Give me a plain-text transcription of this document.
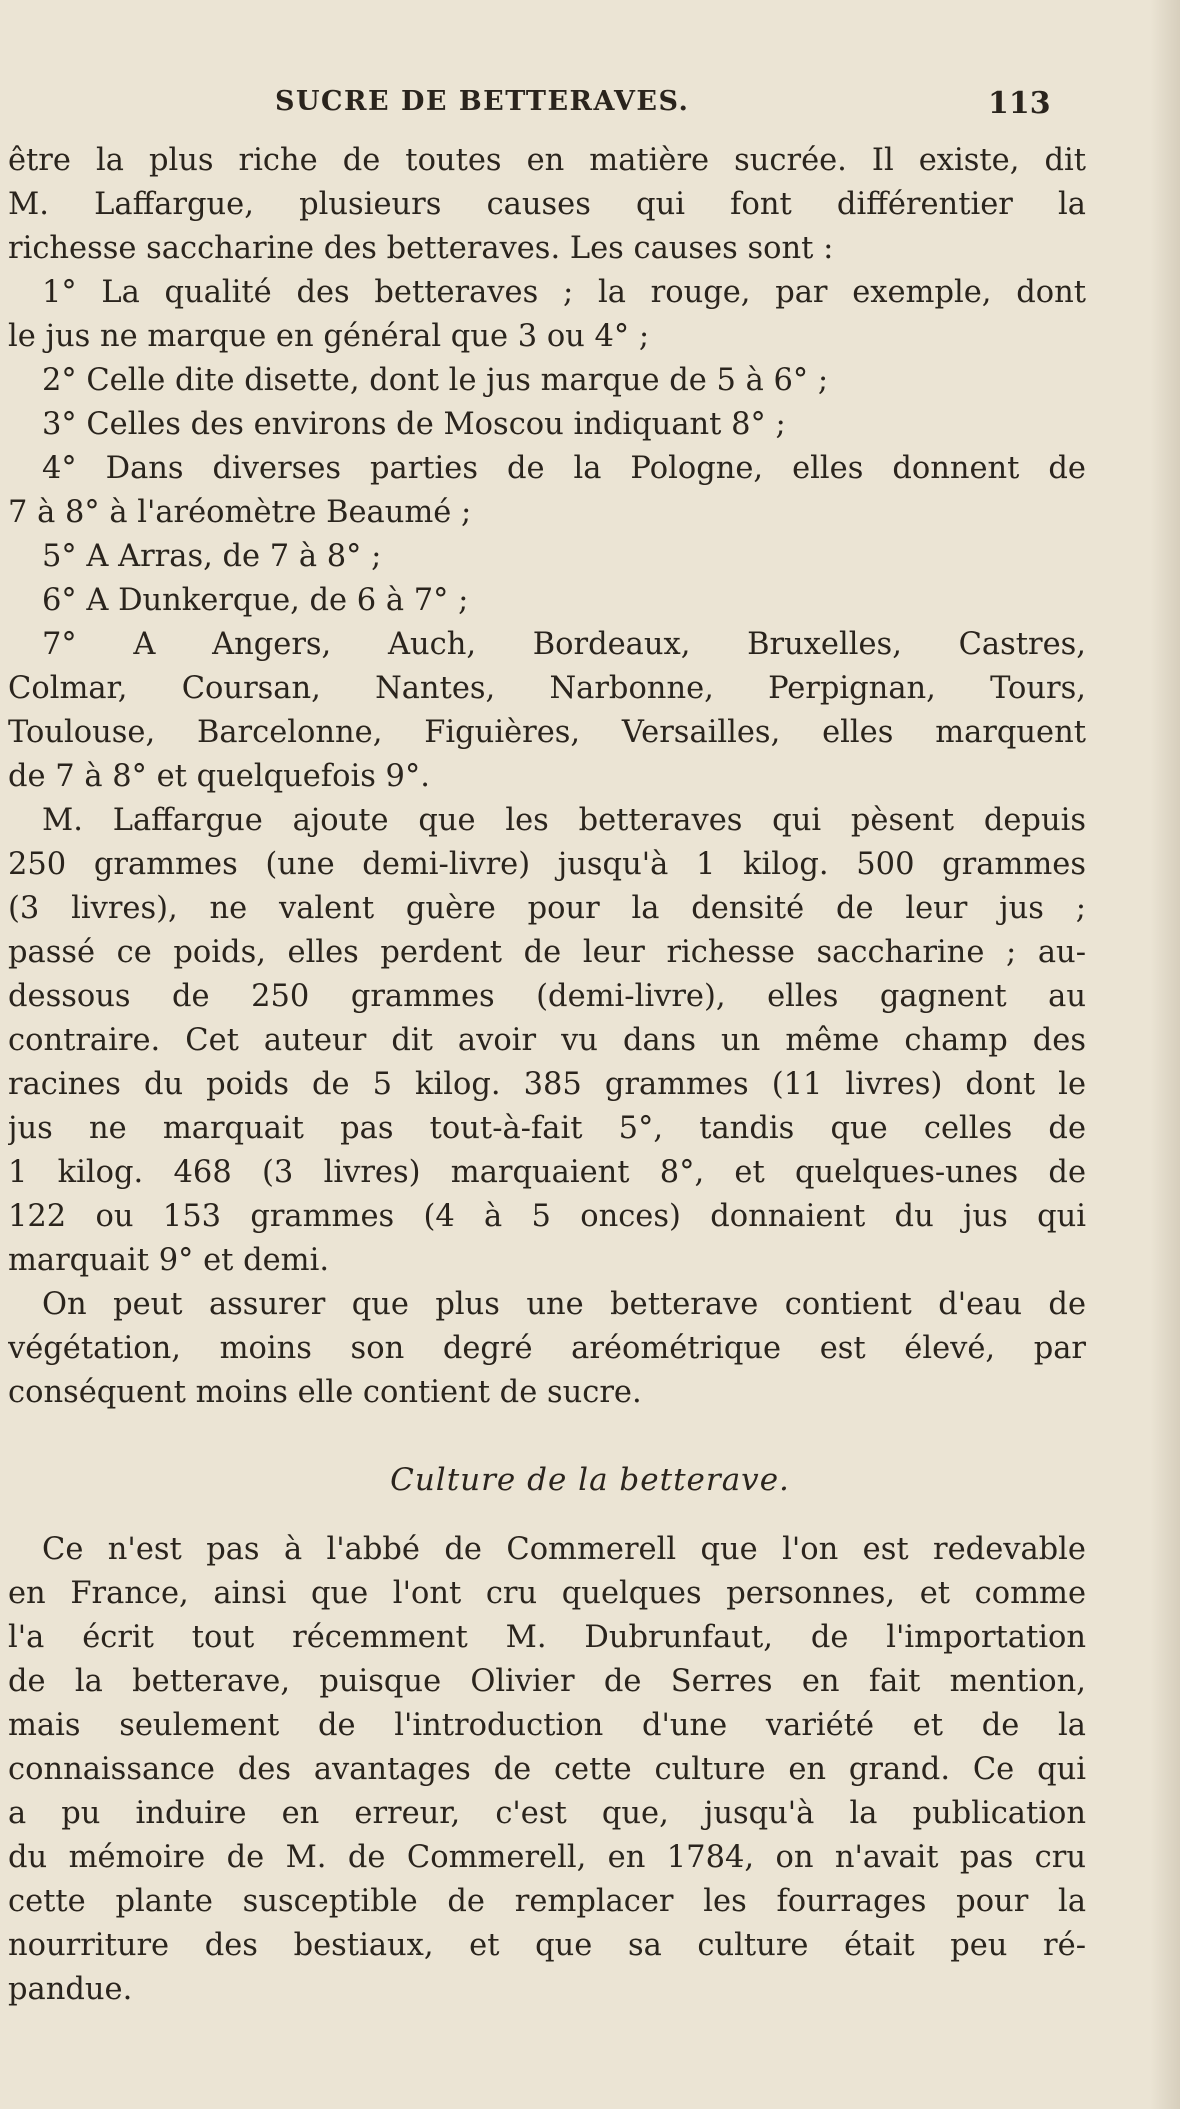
SUCRE DE BETTERAVES.	113
être la plus riche de toutes en matière sucrée. Il existe, dit
M. Laffargue, plusieurs causes qui font différentier la
richesse saccharine des betteraves. Les causes sont :
1° La qualité des betteraves ; la rouge, par exemple, dont
le jus ne marque en général que 3 ou 4° ;
2° Celle dite disette, dont le jus marque de 5 à 6° ;
3° Celles des environs de Moscou indiquant 8° ;
4° Dans diverses parties de la Pologne, elles donnent de
7 à 8° à l'aréomètre Beaumé ;
5° A Arras, de 7 à 8° ;
6° A Dunkerque, de 6 à 7° ;
7° A Angers, Auch, Bordeaux, Bruxelles, Castres,
Colmar, Coursan, Nantes, Narbonne, Perpignan, Tours,
Toulouse, Barcelonne, Figuières, Versailles, elles marquent
de 7 à 8° et quelquefois 9°.
M. Laffargue ajoute que les betteraves qui pèsent depuis
250 grammes (une demi-livre) jusqu'à 1 kilog. 500 grammes
(3 livres), ne valent guère pour la densité de leur jus ;
passé ce poids, elles perdent de leur richesse saccharine ; au-
dessous de 250 grammes (demi-livre), elles gagnent au
contraire. Cet auteur dit avoir vu dans un même champ des
racines du poids de 5 kilog. 385 grammes (11 livres) dont le
jus ne marquait pas tout-à-fait 5°, tandis que celles de
1 kilog. 468 (3 livres) marquaient 8°, et quelques-unes de
122 ou 153 grammes (4 à 5 onces) donnaient du jus qui
marquait 9° et demi.
On peut assurer que plus une betterave contient d'eau de
végétation, moins son degré aréométrique est élevé, par
conséquent moins elle contient de sucre.
Culture de la betterave.
Ce n'est pas à l'abbé de Commerell que l'on est redevable
en France, ainsi que l'ont cru quelques personnes, et comme
l'a écrit tout récemment M. Dubrunfaut, de l'importation
de la betterave, puisque Olivier de Serres en fait mention,
mais seulement de l'introduction d'une variété et de la
connaissance des avantages de cette culture en grand. Ce qui
a pu induire en erreur, c'est que, jusqu'à la publication
du mémoire de M. de Commerell, en 1784, on n'avait pas cru
cette plante susceptible de remplacer les fourrages pour la
nourriture des bestiaux, et que sa culture était peu ré-
pandue.
